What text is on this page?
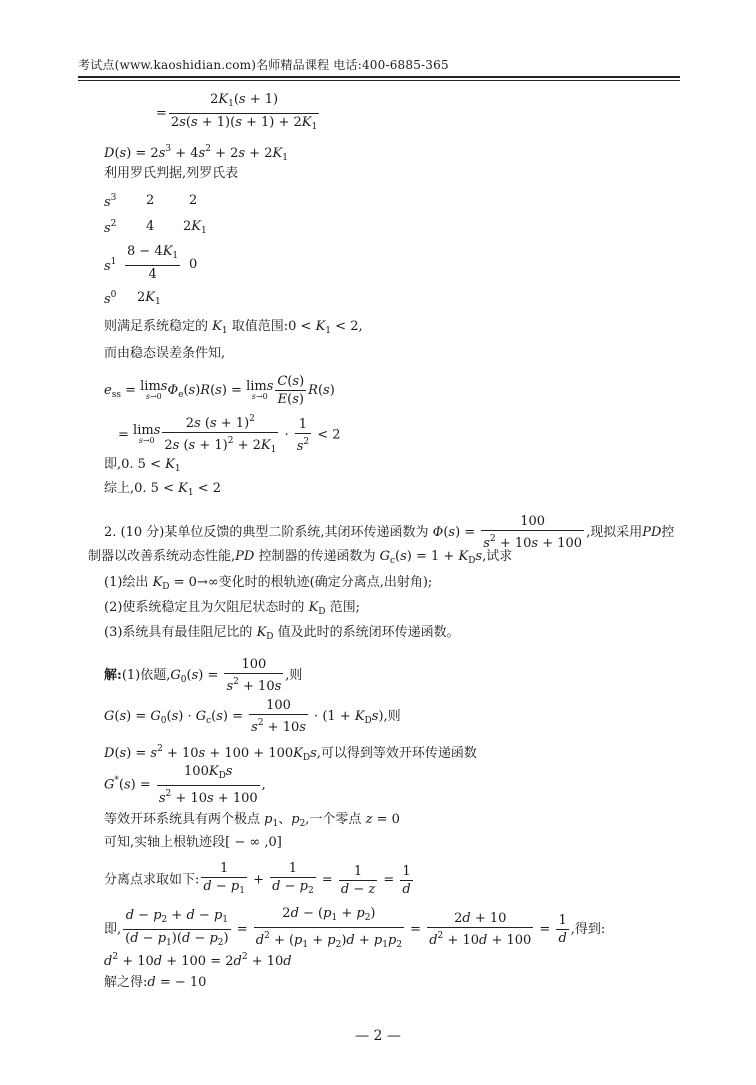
考试点(www.kaoshidian.com)名师精品课程 电话:400-6885-365
= $\frac{2K_1(s + 1)}{2s(s + 1)(s + 1) + 2K_1}$
$D(s) = 2s^3 + 4s^2 + 2s + 2K_1$
利用罗氏判据,列罗氏表
$s^3$ 2	2
$s^2$ 4 $2K_1$
$s^1 \frac{8 - 4K_1}{4} 0$
$s^0$ $2K_1$
则满足系统稳定的 $K_1$ 取值范围:0 < $K_1 < 2$,
而由稳态误差条件知,
$e_{ss} = \lim s$
s→0 $\Phi_e(s)R(s) = \lim s$
$s\to 0 \frac{C(s)}{E(s)} R(s)$
= lims
$s\to 0 \frac{2s (s + 1)^2}{2s (s + 1)^2 + 2K_1} \cdot \frac{1}{s^2} < 2$
即,0. $5 < K_1$
综上,0. $5 < K_1 < 2$
2. (10 分)某单位反馈的典型二阶系统,其闭环传递函数为 $\Phi(s) = \frac{100}{s^2 + 10s + 100}$ ,现拟采用PD控
制器以改善系统动态性能,PD 控制器的传递函数为 $G_c(s) = 1 + K_Ds$,试求
(1)绘出 $K_D = 0\to\infty$变化时的根轨迹(确定分离点,出射角);
(2)使系统稳定且为欠阻尼状态时的 $K_D$ 范围;
(3)系统具有最佳阻尼比的 $K_D$ 值及此时的系统闭环传递函数。
解:(1)依题$,G_0(s) = \frac{100}{s^2 + 10s}$ ,则
$G(s) = G_0(s) \cdot G_c(s) = \frac{100}{s^2 + 10s} \cdot (1 + K_Ds)$,则
$D(s) = s^2 + 10s + 100 + 100K_Ds$,可以得到等效开环传递函数
$G^*(s) = \frac{100K_Ds}{s^2 + 10s + 100}$ ,
等效开环系统具有两个极点 $p_1$、$p_2$,一个零点 z = 0
可知,实轴上根轨迹段[ − ∞ ,0]
分离点求取如下: $\frac{1}{d - p_1} + \frac{1}{d - p_2} = \frac{1}{d - z} = \frac{1}{d}$
即, $\frac{d - p_2 + d - p_1}{(d - p_1)(d - p_2)} = \frac{2d - (p_1 + p_2)}{d^2 + (p_1 + p_2)d + p_1p_2} = \frac{2d + 10}{d^2 + 10d + 100} = \frac{1}{d}$ ,得到:
$d^2 + 10d + 100 = 2d^2 + 10d$
解之得:d = − 10
— 2 —
